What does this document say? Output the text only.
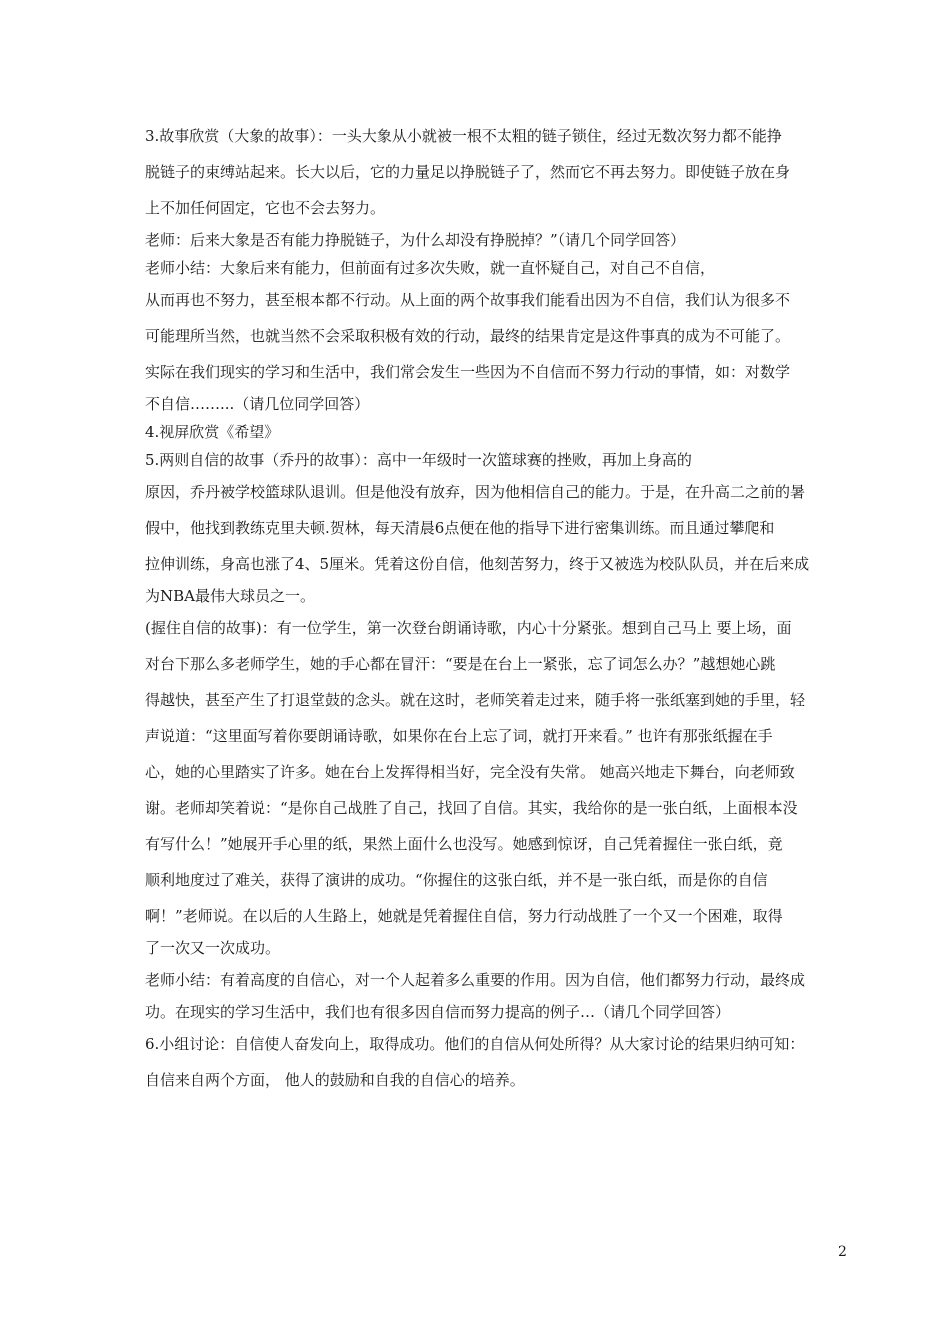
3.故事欣赏（大象的故事）：一头大象从小就被一根不太粗的链子锁住，经过无数次努力都不能挣
脱链子的束缚站起来。长大以后，它的力量足以挣脱链子了，然而它不再去努力。即使链子放在身
上不加任何固定，它也不会去努力。

老师：后来大象是否有能力挣脱链子，为什么却没有挣脱掉？”（请几个同学回答）
老师小结：大象后来有能力，但前面有过多次失败，就一直怀疑自己，对自己不自信，

从而再也不努力，甚至根本都不行动。从上面的两个故事我们能看出因为不自信，我们认为很多不
可能理所当然，也就当然不会采取积极有效的行动，最终的结果肯定是这件事真的成为不可能了。
实际在我们现实的学习和生活中，我们常会发生一些因为不自信而不努力行动的事情，如：对数学

不自信……...（请几位同学回答）
4.视屏欣赏《希望》
5.两则自信的故事（乔丹的故事）：高中一年级时一次篮球赛的挫败，再加上身高的

原因，乔丹被学校篮球队退训。但是他没有放弃，因为他相信自己的能力。于是，在升高二之前的暑
假中，他找到教练克里夫顿.贺林，每天清晨6点便在他的指导下进行密集训练。而且通过攀爬和
拉伸训练，身高也涨了4、5厘米。凭着这份自信，他刻苦努力，终于又被选为校队队员，并在后来成

为NBA最伟大球员之一。

(握住自信的故事)：有一位学生，第一次登台朗诵诗歌，内心十分紧张。想到自己马上 要上场，面
对台下那么多老师学生，她的手心都在冒汗：“要是在台上一紧张，忘了词怎么办？”越想她心跳
得越快，甚至产生了打退堂鼓的念头。就在这时，老师笑着走过来，随手将一张纸塞到她的手里，轻
声说道：“这里面写着你要朗诵诗歌，如果你在台上忘了词，就打开来看。” 也许有那张纸握在手
心，她的心里踏实了许多。她在台上发挥得相当好，完全没有失常。 她高兴地走下舞台，向老师致
谢。老师却笑着说：“是你自己战胜了自己，找回了自信。其实，我给你的是一张白纸，上面根本没
有写什么！”她展开手心里的纸，果然上面什么也没写。她感到惊讶，自己凭着握住一张白纸，竟
顺利地度过了难关，获得了演讲的成功。“你握住的这张白纸，并不是一张白纸，而是你的自信
啊！”老师说。在以后的人生路上，她就是凭着握住自信，努力行动战胜了一个又一个困难，取得

了一次又一次成功。

老师小结：有着高度的自信心，对一个人起着多么重要的作用。因为自信，他们都努力行动，最终成

功。在现实的学习生活中，我们也有很多因自信而努力提高的例子…（请几个同学回答）

6.小组讨论：自信使人奋发向上，取得成功。他们的自信从何处所得？从大家讨论的结果归纳可知：
自信来自两个方面， 他人的鼓励和自我的自信心的培养。

2
